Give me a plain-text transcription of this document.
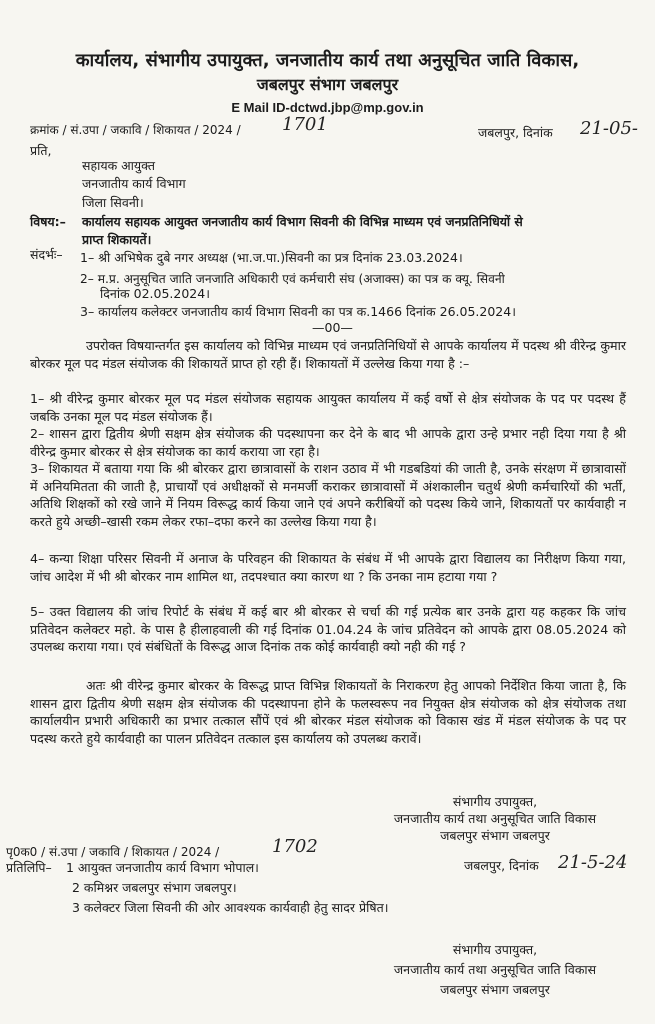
कार्यालय, संभागीय उपायुक्त, जनजातीय कार्य तथा अनुसूचित जाति विकास,
जबलपुर संभाग जबलपुर
E Mail ID-dctwd.jbp@mp.gov.in
क्रमांक / सं.उपा / जकावि / शिकायत / 2024 / 1701	जबलपुर, दिनांक 21-05-
प्रति,
सहायक आयुक्त
जनजातीय कार्य विभाग
जिला सिवनी।
विषय:– कार्यालय सहायक आयुक्त जनजातीय कार्य विभाग सिवनी की विभिन्न माध्यम एवं जनप्रतिनिधियों से
प्राप्त शिकायतें।
संदर्भः– 1– श्री अभिषेक दुबे नगर अध्यक्ष (भा.ज.पा.)सिवनी का प्रत्र दिनांक 23.03.2024।
2– म.प्र. अनुसूचित जाति जनजाति अधिकारी एवं कर्मचारी संघ (अजाक्स) का पत्र क क्यू. सिवनी
दिनांक 02.05.2024।
3– कार्यालय कलेक्टर जनजातीय कार्य विभाग सिवनी का पत्र क.1466 दिनांक 26.05.2024।
—00—
उपरोक्त विषयान्तर्गत इस कार्यालय को विभिन्न माध्यम एवं जनप्रतिनिधियों से आपके कार्यालय में पदस्थ श्री वीरेन्द्र कुमार बोरकर मूल पद मंडल संयोजक की शिकायतें प्राप्त हो रही हैं। शिकायतों में उल्लेख किया गया है :–
1– श्री वीरेन्द्र कुमार बोरकर मूल पद मंडल संयोजक सहायक आयुक्त कार्यालय में कई वर्षो से क्षेत्र संयोजक के पद पर पदस्थ हैं जबकि उनका मूल पद मंडल संयोजक हैं।
2– शासन द्वारा द्वितीय श्रेणी सक्षम क्षेत्र संयोजक की पदस्थापना कर देने के बाद भी आपके द्वारा उन्हे प्रभार नही दिया गया है श्री वीरेन्द्र कुमार बोरकर से क्षेत्र संयोजक का कार्य कराया जा रहा है।
3– शिकायत में बताया गया कि श्री बोरकर द्वारा छात्रावासों के राशन उठाव में भी गडबडियां की जाती है, उनके संरक्षण में छात्रावासों में अनियमितता की जाती है, प्राचार्यों एवं अधीक्षकों से मनमर्जी कराकर छात्रावासों में अंशकालीन चतुर्थ श्रेणी कर्मचारियों की भर्ती, अतिथि शिक्षकों को रखे जाने में नियम विरूद्ध कार्य किया जाने एवं अपने करीबियों को पदस्थ किये जाने, शिकायतों पर कार्यवाही न करते हुये अच्छी–खासी रकम लेकर रफा–दफा करने का उल्लेख किया गया है।
4– कन्या शिक्षा परिसर सिवनी में अनाज के परिवहन की शिकायत के संबंध में भी आपके द्वारा विद्यालय का निरीक्षण किया गया, जांच आदेश में भी श्री बोरकर नाम शामिल था, तदपश्चात क्या कारण था ? कि उनका नाम हटाया गया ?
5– उक्त विद्यालय की जांच रिपोर्ट के संबंध में कई बार श्री बोरकर से चर्चा की गई प्रत्येक बार उनके द्वारा यह कहकर कि जांच प्रतिवेदन कलेक्टर महो. के पास है हीलाहवाली की गई दिनांक 01.04.24 के जांच प्रतिवेदन को आपके द्वारा 08.05.2024 को उपलब्ध कराया गया। एवं संबंधितों के विरूद्ध आज दिनांक तक कोई कार्यवाही क्यो नही की गई ?
अतः श्री वीरेन्द्र कुमार बोरकर के विरूद्ध प्राप्त विभिन्न शिकायतों के निराकरण हेतु आपको निर्देशित किया जाता है, कि शासन द्वारा द्वितीय श्रेणी सक्षम क्षेत्र संयोजक की पदस्थापना होने के फलस्वरूप नव नियुक्त क्षेत्र संयोजक को क्षेत्र संयोजक तथा कार्यालयीन प्रभारी अधिकारी का प्रभार तत्काल सौंपें एवं श्री बोरकर मंडल संयोजक को विकास खंड में मंडल संयोजक के पद पर पदस्थ करते हुये कार्यवाही का पालन प्रतिवेदन तत्काल इस कार्यालय को उपलब्ध करावें।
संभागीय उपायुक्त,
जनजातीय कार्य तथा अनुसूचित जाति विकास
जबलपुर संभाग जबलपुर
पृ0क0 / सं.उपा / जकावि / शिकायत / 2024 /	1702
जबलपुर, दिनांक 21-5-24
प्रतिलिपि– 1 आयुक्त जनजातीय कार्य विभाग भोपाल।
2 कमिश्नर जबलपुर संभाग जबलपुर।
3 कलेक्टर जिला सिवनी की ओर आवश्यक कार्यवाही हेतु सादर प्रेषित।
संभागीय उपायुक्त,
जनजातीय कार्य तथा अनुसूचित जाति विकास
जबलपुर संभाग जबलपुर
